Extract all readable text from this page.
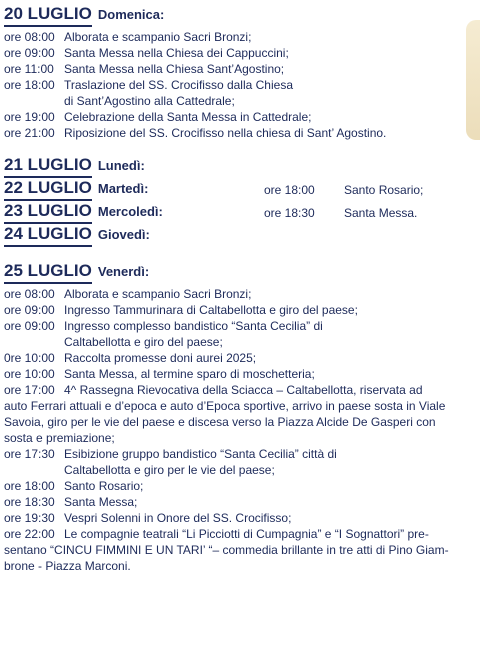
20 LUGLIO Domenica:
ore 08:00 Alborata e scampanio Sacri Bronzi;
ore 09:00 Santa Messa nella Chiesa dei Cappuccini;
ore 11:00 Santa Messa nella Chiesa Sant’Agostino;
ore 18:00 Traslazione del SS. Crocifisso dalla Chiesa
di Sant’Agostino alla Cattedrale;
ore 19:00 Celebrazione della Santa Messa in Cattedrale;
ore 21:00 Riposizione del SS. Crocifisso nella chiesa di Sant’ Agostino.
21 LUGLIO Lunedì:
22 LUGLIO Martedì:	ore 18:00	Santo Rosario;
23 LUGLIO Mercoledì:	ore 18:30	Santa Messa.
24 LUGLIO Giovedì:
25 LUGLIO Venerdì:
ore 08:00 Alborata e scampanio Sacri Bronzi;
ore 09:00 Ingresso Tammurinara di Caltabellotta e giro del paese;
ore 09:00 Ingresso complesso bandistico “Santa Cecilia” di
Caltabellotta e giro del paese;
0re 10:00 Raccolta promesse doni aurei 2025;
ore 10:00 Santa Messa, al termine sparo di moschetteria;
ore 17:00 4^ Rassegna Rievocativa della Sciacca – Caltabellotta, riservata ad
auto Ferrari attuali e d’epoca e auto d’Epoca sportive, arrivo in paese sosta in Viale
Savoia, giro per le vie del paese e discesa verso la Piazza Alcide De Gasperi con
sosta e premiazione;
ore 17:30 Esibizione gruppo bandistico “Santa Cecilia” città di
Caltabellotta e giro per le vie del paese;
ore 18:00 Santo Rosario;
ore 18:30 Santa Messa;
ore 19:30 Vespri Solenni in Onore del SS. Crocifisso;
ore 22:00 Le compagnie teatrali “Li Picciotti di Cumpagnia” e “I Sognattori” pre-
sentano “CINCU FIMMINI E UN TARI’ “– commedia brillante in tre atti di Pino Giam-
brone - Piazza Marconi.
